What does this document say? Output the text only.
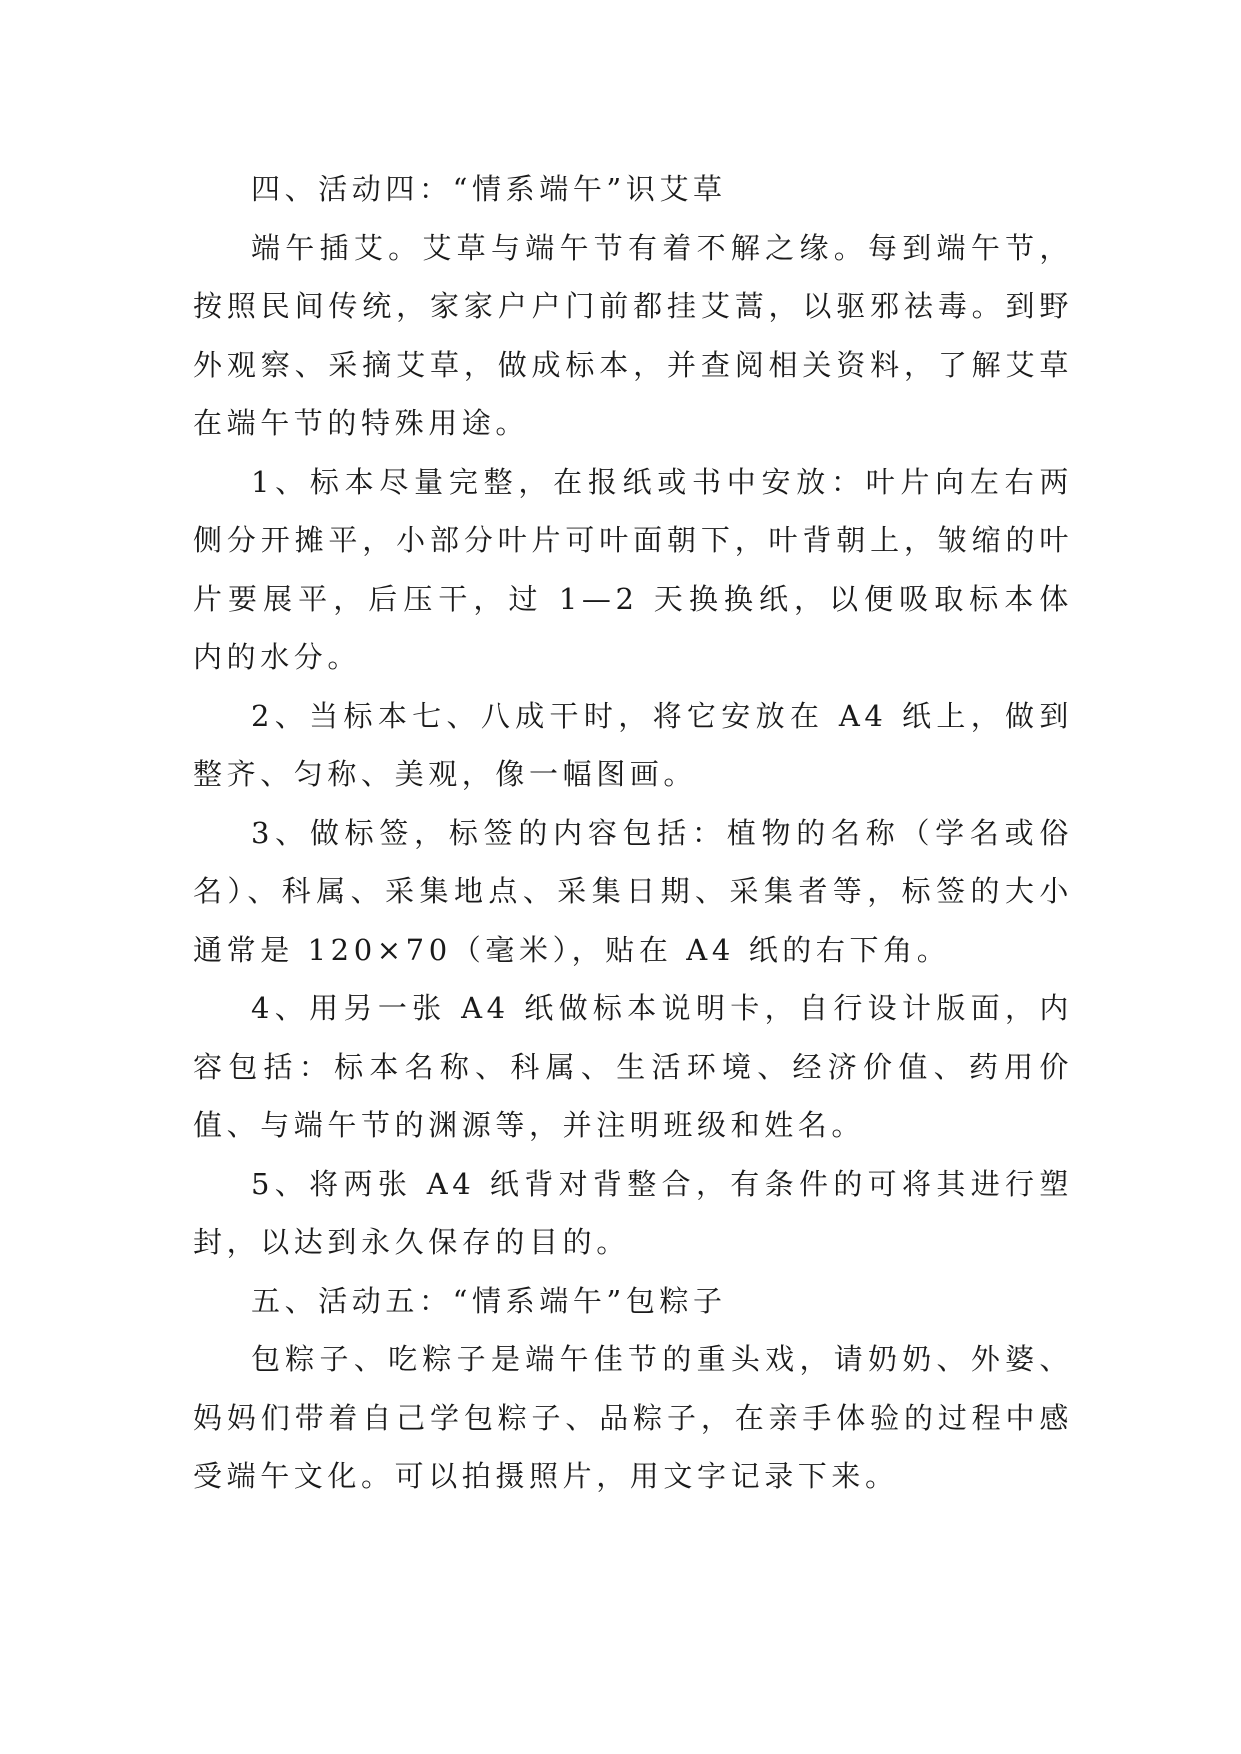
四、活动四：“情系端午”识艾草

端午插艾。艾草与端午节有着不解之缘。每到端午节，按照民间传统，家家户户门前都挂艾蒿，以驱邪祛毒。到野外观察、采摘艾草，做成标本，并查阅相关资料，了解艾草在端午节的特殊用途。

1、标本尽量完整，在报纸或书中安放：叶片向左右两侧分开摊平，小部分叶片可叶面朝下，叶背朝上，皱缩的叶片要展平，后压干，过 1—2 天换换纸，以便吸取标本体内的水分。

2、当标本七、八成干时，将它安放在 A4 纸上，做到整齐、匀称、美观，像一幅图画。

3、做标签，标签的内容包括：植物的名称（学名或俗名）、科属、采集地点、采集日期、采集者等，标签的大小通常是 120×70（毫米），贴在 A4 纸的右下角。

4、用另一张 A4 纸做标本说明卡，自行设计版面，内容包括：标本名称、科属、生活环境、经济价值、药用价值、与端午节的渊源等，并注明班级和姓名。

5、将两张 A4 纸背对背整合，有条件的可将其进行塑封，以达到永久保存的目的。

五、活动五：“情系端午”包粽子

包粽子、吃粽子是端午佳节的重头戏，请奶奶、外婆、妈妈们带着自己学包粽子、品粽子，在亲手体验的过程中感受端午文化。可以拍摄照片，用文字记录下来。
